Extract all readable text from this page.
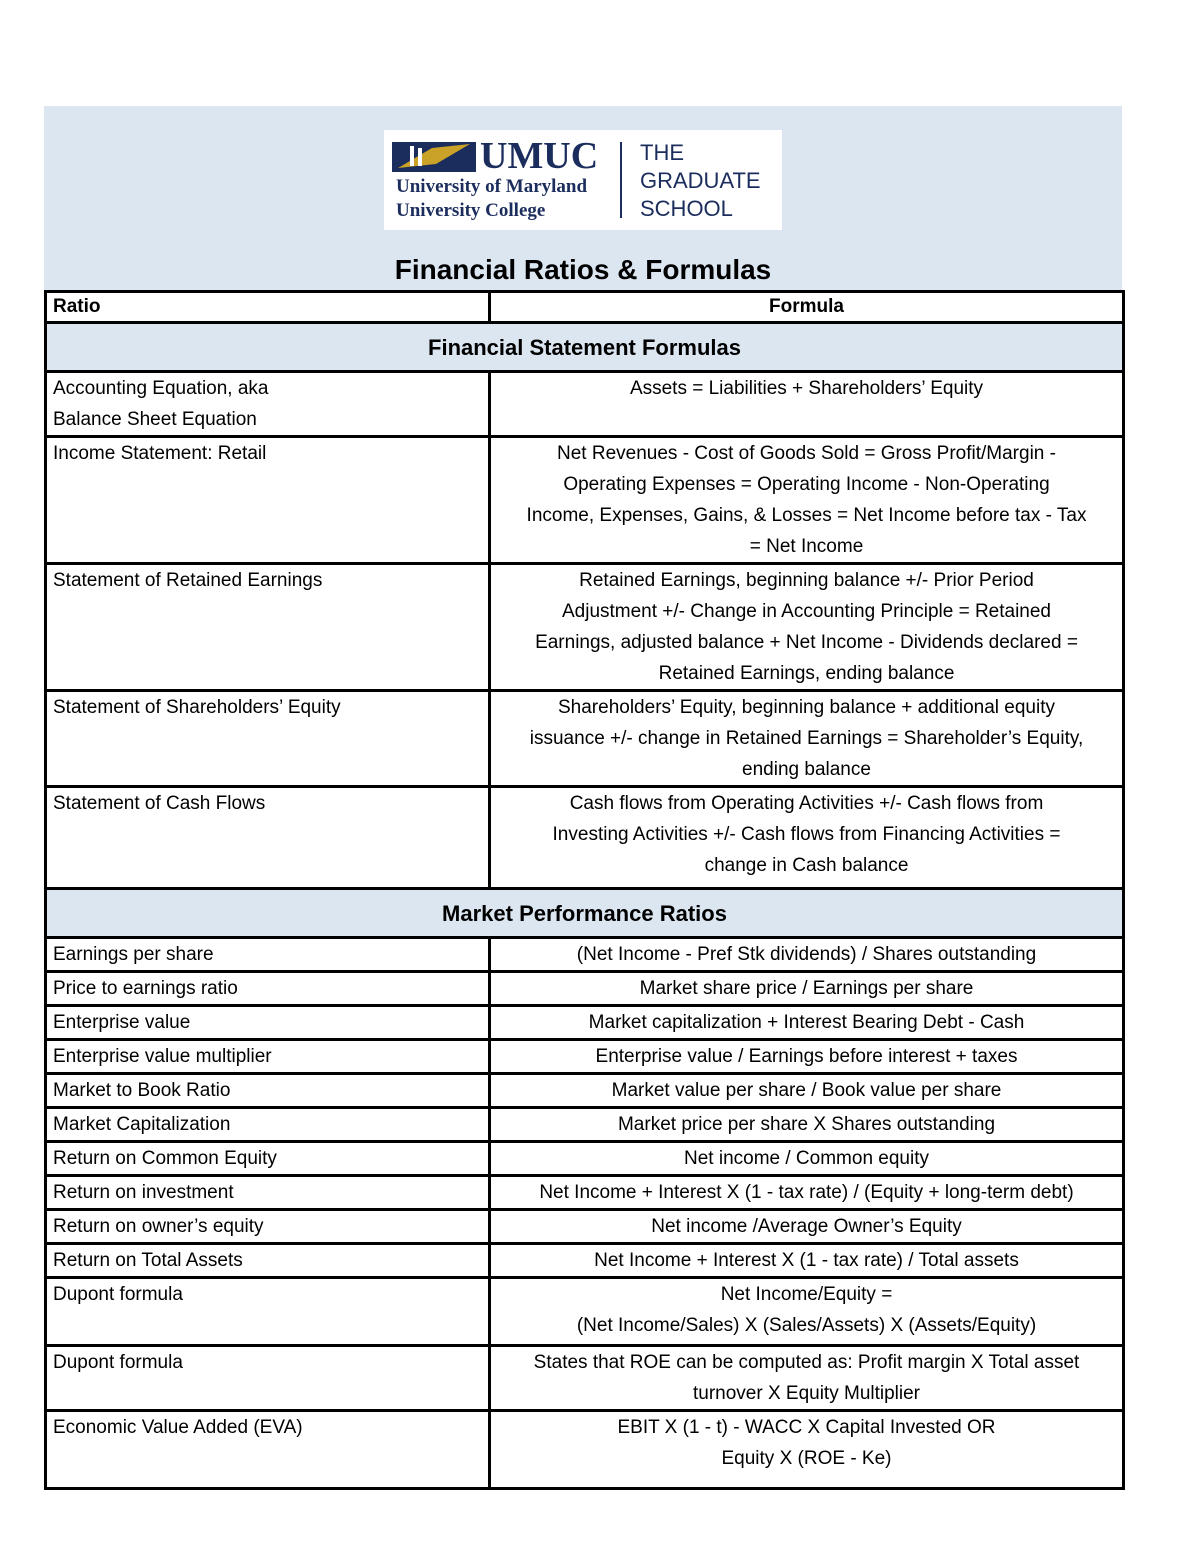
UMUC
University of Maryland
University College
THE
GRADUATE
SCHOOL
Financial Ratios & Formulas
Ratio	Formula
Financial Statement Formulas	

Accounting Equation, aka
Balance Sheet Equation	Assets = Liabilities + Shareholders’ Equity

Income Statement: Retail	Net Revenues - Cost of Goods Sold = Gross Profit/Margin -
Operating Expenses = Operating Income - Non-Operating
Income, Expenses, Gains, & Losses = Net Income before tax - Tax
= Net Income

Statement of Retained Earnings	Retained Earnings, beginning balance +/- Prior Period
Adjustment +/- Change in Accounting Principle = Retained
Earnings, adjusted balance + Net Income - Dividends declared =
Retained Earnings, ending balance

Statement of Shareholders’ Equity	Shareholders’ Equity, beginning balance + additional equity
issuance +/- change in Retained Earnings = Shareholder’s Equity,
ending balance

Statement of Cash Flows	Cash flows from Operating Activities +/- Cash flows from
Investing Activities +/- Cash flows from Financing Activities =
change in Cash balance

Market Performance Ratios	

Earnings per share	(Net Income - Pref Stk dividends) / Shares outstanding

Price to earnings ratio	Market share price / Earnings per share

Enterprise value	Market capitalization + Interest Bearing Debt - Cash

Enterprise value multiplier	Enterprise value / Earnings before interest + taxes

Market to Book Ratio	Market value per share / Book value per share

Market Capitalization	Market price per share X Shares outstanding

Return on Common Equity	Net income / Common equity

Return on investment	Net Income + Interest X (1 - tax rate) / (Equity + long-term debt)

Return on owner’s equity	Net income /Average Owner’s Equity

Return on Total Assets	Net Income + Interest X (1 - tax rate) / Total assets

Dupont formula	Net Income/Equity =
(Net Income/Sales) X (Sales/Assets) X (Assets/Equity)

Dupont formula	States that ROE can be computed as: Profit margin X Total asset
turnover X Equity Multiplier

Economic Value Added (EVA)	EBIT X (1 - t) - WACC X Capital Invested OR
Equity X (ROE - Ke)
